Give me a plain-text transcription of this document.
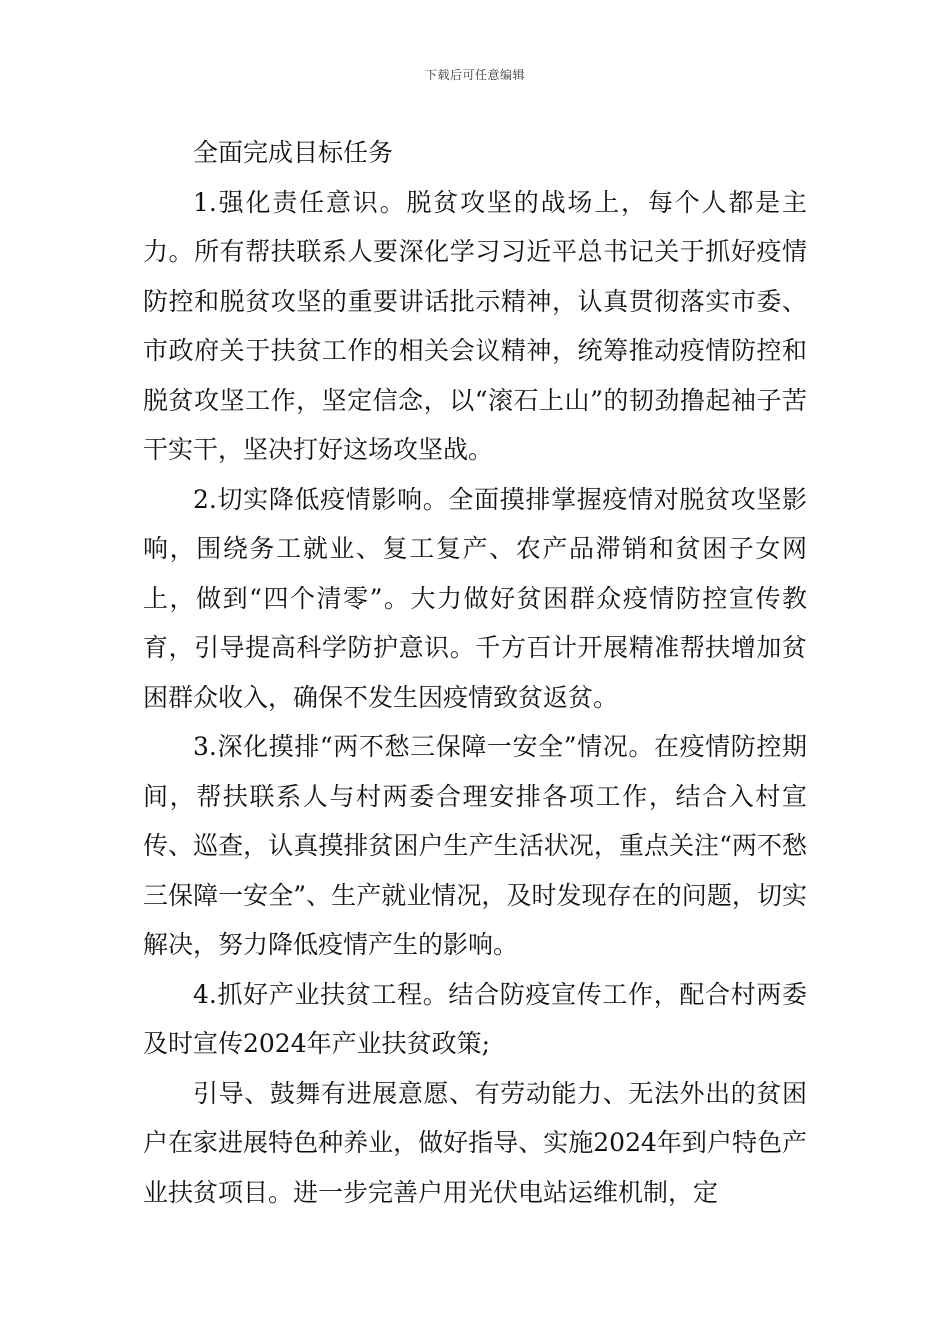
下载后可任意编辑

全面完成目标任务

1.强化责任意识。脱贫攻坚的战场上，每个人都是主力。所有帮扶联系人要深化学习习近平总书记关于抓好疫情防控和脱贫攻坚的重要讲话批示精神，认真贯彻落实市委、市政府关于扶贫工作的相关会议精神，统筹推动疫情防控和脱贫攻坚工作，坚定信念，以“滚石上山”的韧劲撸起袖子苦干实干，坚决打好这场攻坚战。

2.切实降低疫情影响。全面摸排掌握疫情对脱贫攻坚影响，围绕务工就业、复工复产、农产品滞销和贫困子女网上，做到“四个清零”。大力做好贫困群众疫情防控宣传教育，引导提高科学防护意识。千方百计开展精准帮扶增加贫困群众收入，确保不发生因疫情致贫返贫。

3.深化摸排“两不愁三保障一安全”情况。在疫情防控期间，帮扶联系人与村两委合理安排各项工作，结合入村宣传、巡查，认真摸排贫困户生产生活状况，重点关注“两不愁三保障一安全”、生产就业情况，及时发现存在的问题，切实解决，努力降低疫情产生的影响。

4.抓好产业扶贫工程。结合防疫宣传工作，配合村两委及时宣传2024年产业扶贫政策;

引导、鼓舞有进展意愿、有劳动能力、无法外出的贫困户在家进展特色种养业，做好指导、实施2024年到户特色产业扶贫项目。进一步完善户用光伏电站运维机制，定
